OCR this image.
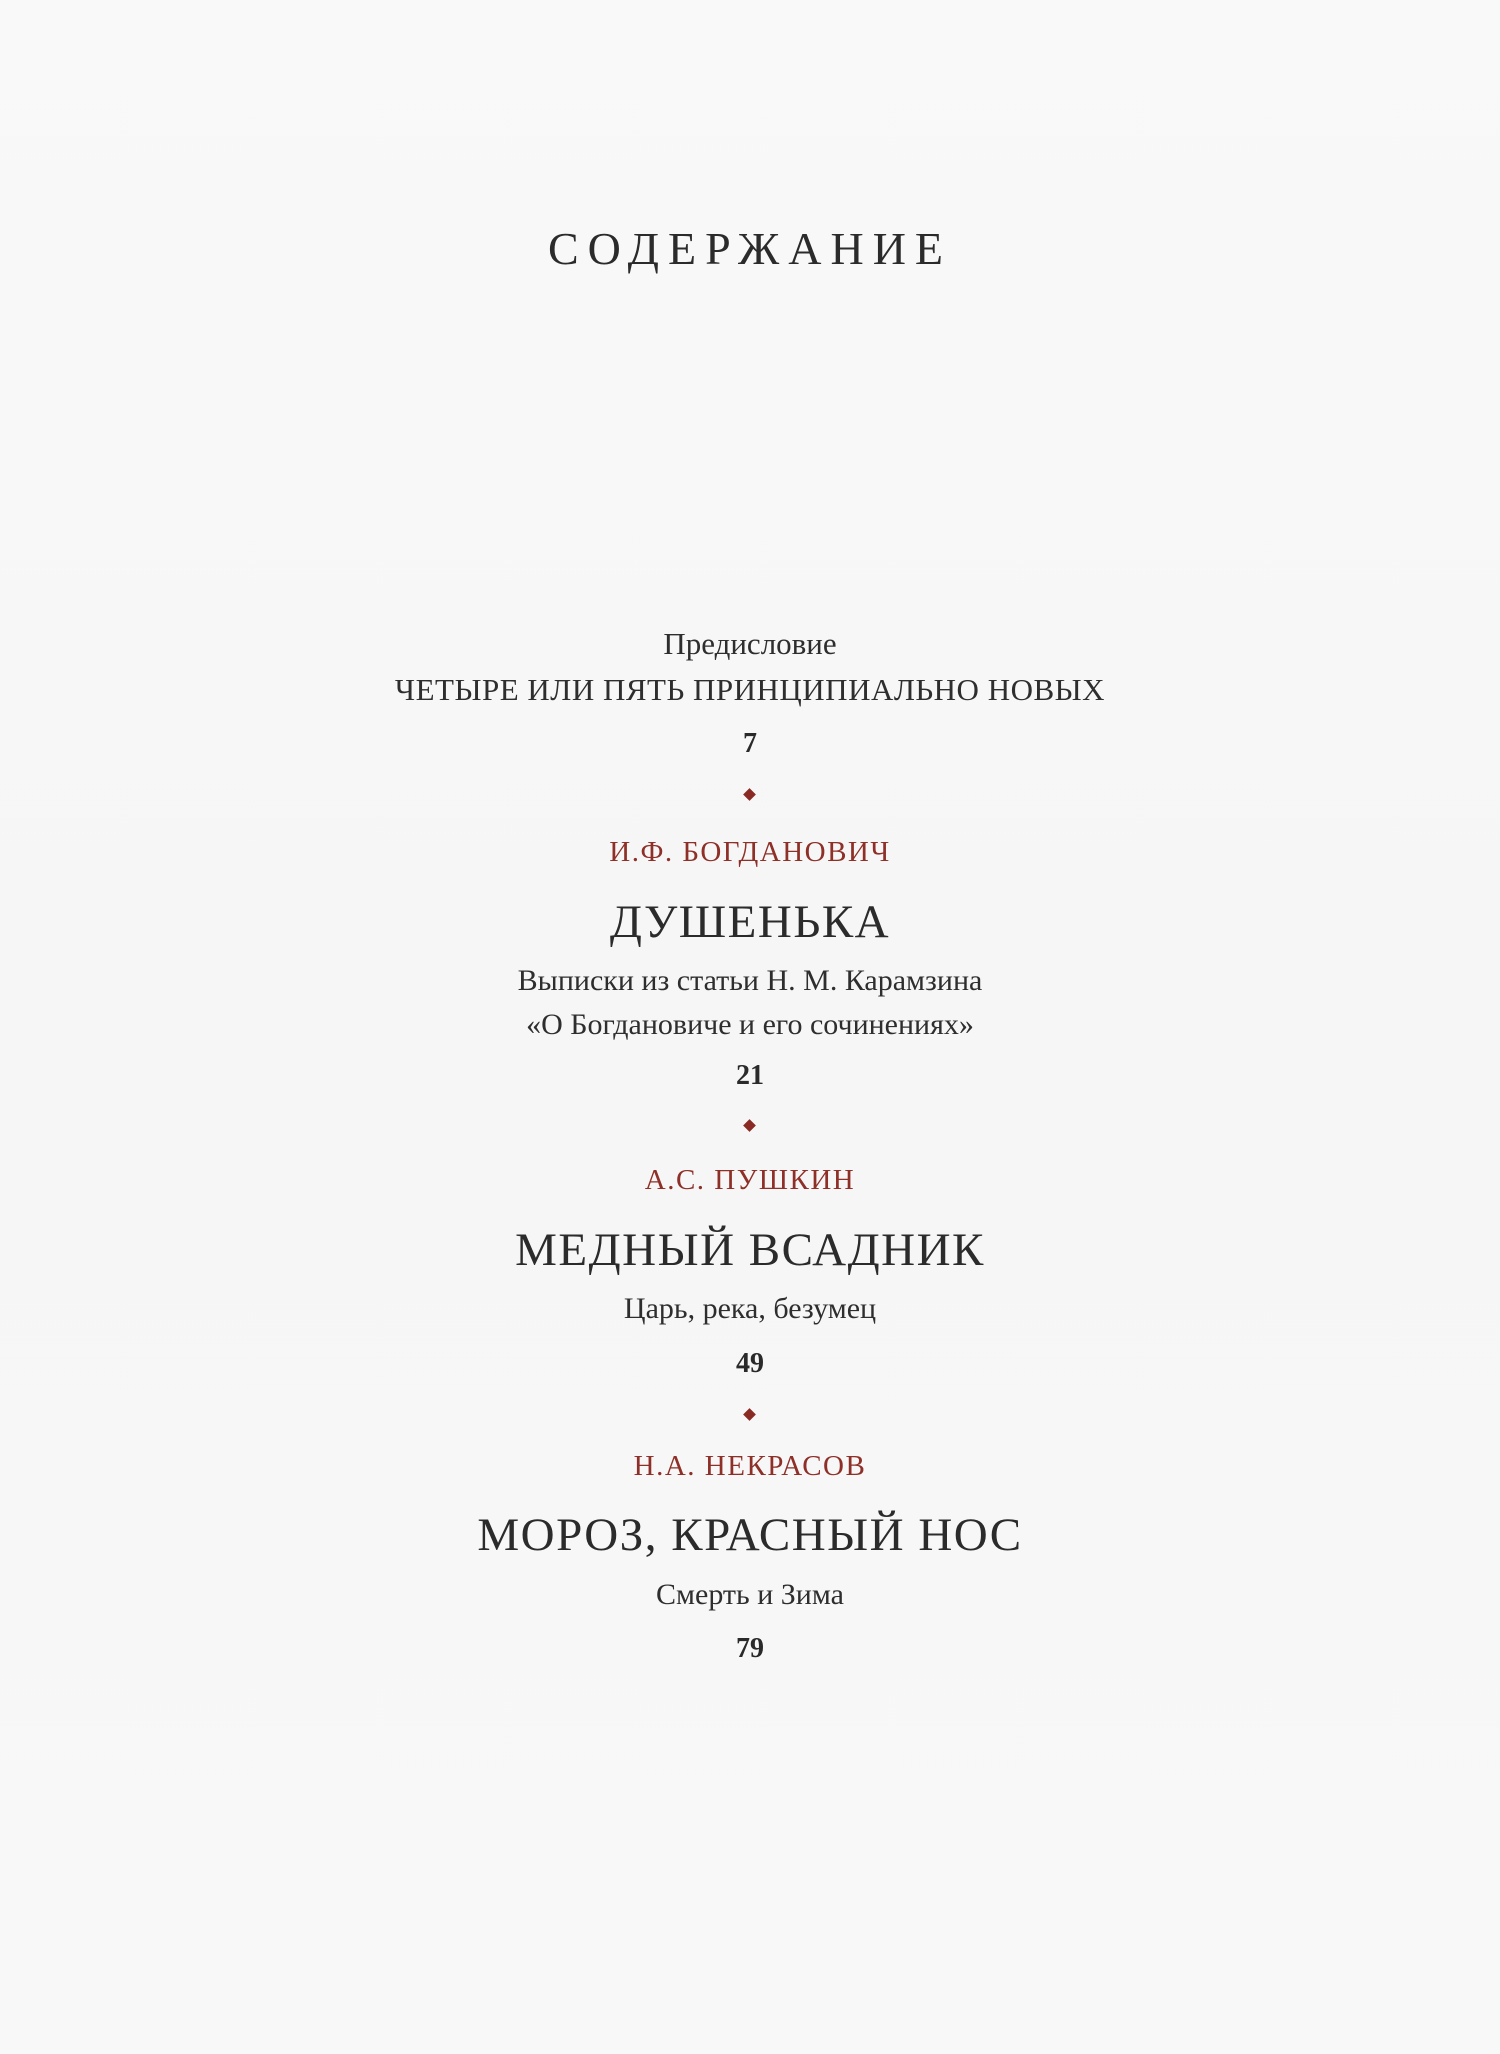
СОДЕРЖАНИЕ
Предисловие
ЧЕТЫРЕ ИЛИ ПЯТЬ ПРИНЦИПИАЛЬНО НОВЫХ
7
И.Ф. БОГДАНОВИЧ
ДУШЕНЬКА
Выписки из статьи Н. М. Карамзина
«О Богдановиче и его сочинениях»
21
А.С. ПУШКИН
МЕДНЫЙ ВСАДНИК
Царь, река, безумец
49
Н.А. НЕКРАСОВ
МОРОЗ, КРАСНЫЙ НОС
Смерть и Зима
79
